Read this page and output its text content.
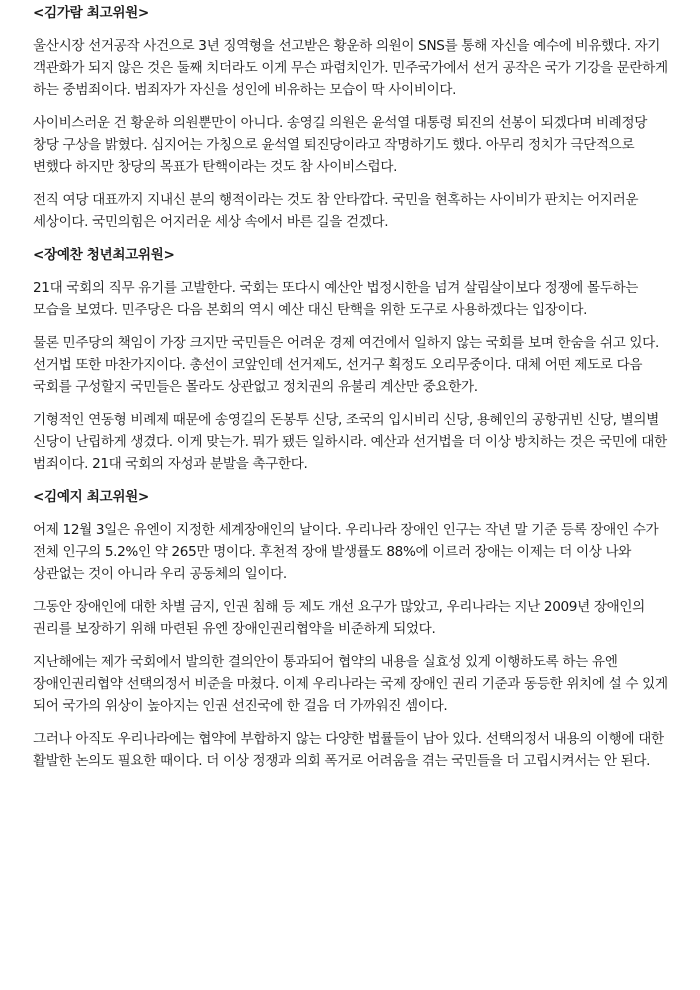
<김가람 최고위원>

울산시장 선거공작 사건으로 3년 징역형을 선고받은 황운하 의원이 SNS를 통해 자신을 예수에 비유했다. 자기 객관화가 되지 않은 것은 둘째 치더라도 이게 무슨 파렴치인가. 민주국가에서 선거 공작은 국가 기강을 문란하게 하는 중범죄이다. 범죄자가 자신을 성인에 비유하는 모습이 딱 사이비이다.

사이비스러운 건 황운하 의원뿐만이 아니다. 송영길 의원은 윤석열 대통령 퇴진의 선봉이 되겠다며 비례정당 창당 구상을 밝혔다. 심지어는 가칭으로 윤석열 퇴진당이라고 작명하기도 했다. 아무리 정치가 극단적으로 변했다 하지만 창당의 목표가 탄핵이라는 것도 참 사이비스럽다.

전직 여당 대표까지 지내신 분의 행적이라는 것도 참 안타깝다. 국민을 현혹하는 사이비가 판치는 어지러운 세상이다. 국민의힘은 어지러운 세상 속에서 바른 길을 걷겠다.

<장예찬 청년최고위원>

21대 국회의 직무 유기를 고발한다. 국회는 또다시 예산안 법정시한을 넘겨 살림살이보다 정쟁에 몰두하는 모습을 보였다. 민주당은 다음 본회의 역시 예산 대신 탄핵을 위한 도구로 사용하겠다는 입장이다.

물론 민주당의 책임이 가장 크지만 국민들은 어려운 경제 여건에서 일하지 않는 국회를 보며 한숨을 쉬고 있다. 선거법 또한 마찬가지이다. 총선이 코앞인데 선거제도, 선거구 획정도 오리무중이다. 대체 어떤 제도로 다음 국회를 구성할지 국민들은 몰라도 상관없고 정치권의 유불리 계산만 중요한가.

기형적인 연동형 비례제 때문에 송영길의 돈봉투 신당, 조국의 입시비리 신당, 용혜인의 공항귀빈 신당, 별의별 신당이 난립하게 생겼다. 이게 맞는가. 뭐가 됐든 일하시라. 예산과 선거법을 더 이상 방치하는 것은 국민에 대한 범죄이다. 21대 국회의 자성과 분발을 촉구한다.

<김예지 최고위원>

어제 12월 3일은 유엔이 지정한 세계장애인의 날이다. 우리나라 장애인 인구는 작년 말 기준 등록 장애인 수가 전체 인구의 5.2%인 약 265만 명이다. 후천적 장애 발생률도 88%에 이르러 장애는 이제는 더 이상 나와 상관없는 것이 아니라 우리 공동체의 일이다.

그동안 장애인에 대한 차별 금지, 인권 침해 등 제도 개선 요구가 많았고, 우리나라는 지난 2009년 장애인의 권리를 보장하기 위해 마련된 유엔 장애인권리협약을 비준하게 되었다.

지난해에는 제가 국회에서 발의한 결의안이 통과되어 협약의 내용을 실효성 있게 이행하도록 하는 유엔 장애인권리협약 선택의정서 비준을 마쳤다. 이제 우리나라는 국제 장애인 권리 기준과 동등한 위치에 설 수 있게 되어 국가의 위상이 높아지는 인권 선진국에 한 걸음 더 가까워진 셈이다.

그러나 아직도 우리나라에는 협약에 부합하지 않는 다양한 법률들이 남아 있다. 선택의정서 내용의 이행에 대한 활발한 논의도 필요한 때이다. 더 이상 정쟁과 의회 폭거로 어려움을 겪는 국민들을 더 고립시켜서는 안 된다.
